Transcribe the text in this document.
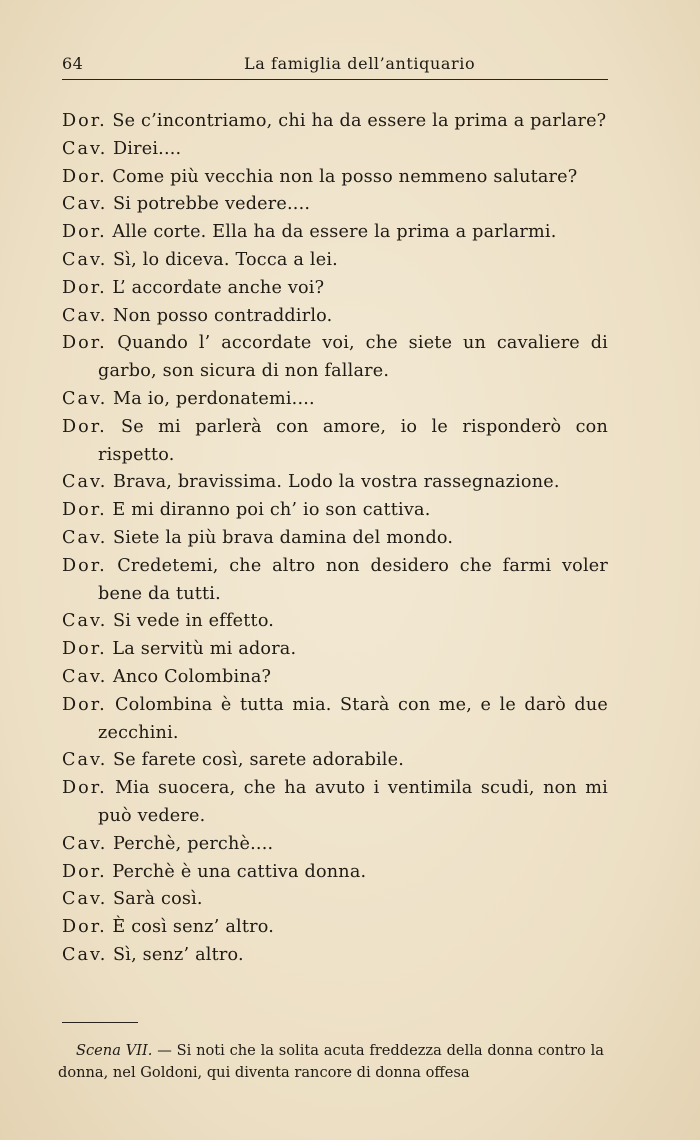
64	La famiglia dell’antiquario
Dor. Se c’incontriamo, chi ha da essere la prima a parlare?
Cav. Direi....
Dor. Come più vecchia non la posso nemmeno salutare?
Cav. Si potrebbe vedere....
Dor. Alle corte. Ella ha da essere la prima a parlarmi.
Cav. Sì, lo diceva. Tocca a lei.
Dor. L’ accordate anche voi?
Cav. Non posso contraddirlo.
Dor. Quando l’ accordate voi, che siete un cavaliere di garbo, son sicura di non fallare.
Cav. Ma io, perdonatemi....
Dor. Se mi parlerà con amore, io le risponderò con rispetto.
Cav. Brava, bravissima. Lodo la vostra rassegnazione.
Dor. E mi diranno poi ch’ io son cattiva.
Cav. Siete la più brava damina del mondo.
Dor. Credetemi, che altro non desidero che farmi voler bene da tutti.
Cav. Si vede in effetto.
Dor. La servitù mi adora.
Cav. Anco Colombina?
Dor. Colombina è tutta mia. Starà con me, e le darò due zecchini.
Cav. Se farete così, sarete adorabile.
Dor. Mia suocera, che ha avuto i ventimila scudi, non mi può vedere.
Cav. Perchè, perchè....
Dor. Perchè è una cattiva donna.
Cav. Sarà così.
Dor. È così senz’ altro.
Cav. Sì, senz’ altro.
Scena VII. — Si noti che la solita acuta freddezza della donna contro la donna, nel Goldoni, qui diventa rancore di donna offesa
